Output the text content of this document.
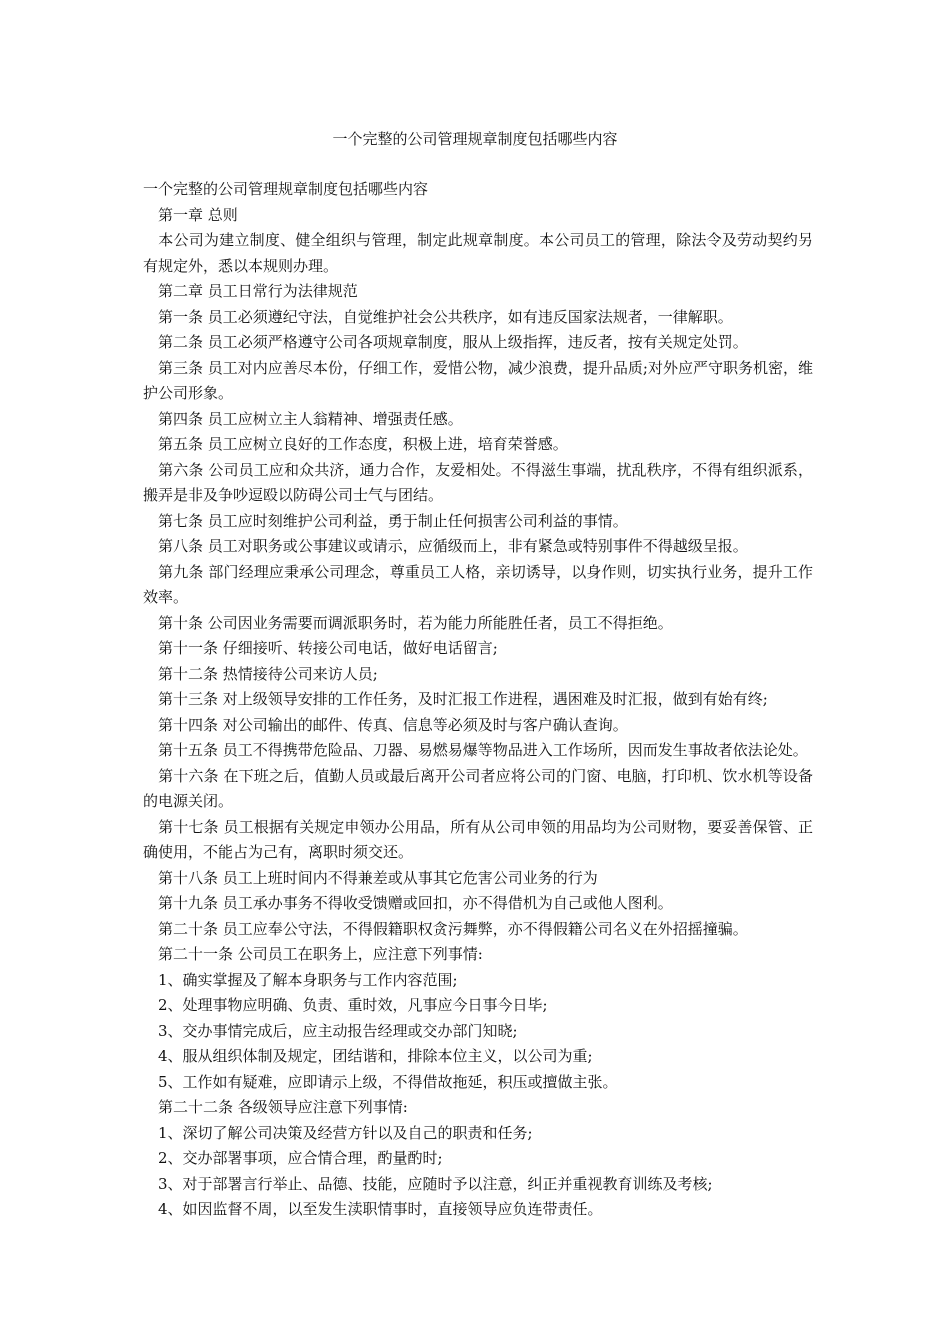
一个完整的公司管理规章制度包括哪些内容

一个完整的公司管理规章制度包括哪些内容

　第一章 总则

　本公司为建立制度、健全组织与管理，制定此规章制度。本公司员工的管理，除法令及劳动契约另有规定外，悉以本规则办理。

　第二章 员工日常行为法律规范

　第一条 员工必须遵纪守法，自觉维护社会公共秩序，如有违反国家法规者，一律解职。

　第二条 员工必须严格遵守公司各项规章制度，服从上级指挥，违反者，按有关规定处罚。

　第三条 员工对内应善尽本份，仔细工作，爱惜公物，减少浪费，提升品质;对外应严守职务机密，维护公司形象。

　第四条 员工应树立主人翁精神、增强责任感。

　第五条 员工应树立良好的工作态度，积极上进，培育荣誉感。

　第六条 公司员工应和众共济，通力合作，友爱相处。不得滋生事端，扰乱秩序，不得有组织派系，搬弄是非及争吵逗殴以防碍公司士气与团结。

　第七条 员工应时刻维护公司利益，勇于制止任何损害公司利益的事情。

　第八条 员工对职务或公事建议或请示，应循级而上，非有紧急或特别事件不得越级呈报。

　第九条 部门经理应秉承公司理念，尊重员工人格，亲切诱导，以身作则，切实执行业务，提升工作效率。

　第十条 公司因业务需要而调派职务时，若为能力所能胜任者，员工不得拒绝。

　第十一条 仔细接听、转接公司电话，做好电话留言;

　第十二条 热情接待公司来访人员;

　第十三条 对上级领导安排的工作任务，及时汇报工作进程，遇困难及时汇报，做到有始有终;

　第十四条 对公司输出的邮件、传真、信息等必须及时与客户确认查询。

　第十五条 员工不得携带危险品、刀器、易燃易爆等物品进入工作场所，因而发生事故者依法论处。

　第十六条 在下班之后，值勤人员或最后离开公司者应将公司的门窗、电脑，打印机、饮水机等设备的电源关闭。

　第十七条 员工根据有关规定申领办公用品，所有从公司申领的用品均为公司财物，要妥善保管、正确使用，不能占为己有，离职时须交还。

　第十八条 员工上班时间内不得兼差或从事其它危害公司业务的行为

　第十九条 员工承办事务不得收受馈赠或回扣，亦不得借机为自己或他人图利。

　第二十条 员工应奉公守法，不得假籍职权贪污舞弊，亦不得假籍公司名义在外招摇撞骗。

　第二十一条 公司员工在职务上，应注意下列事情:

　1、确实掌握及了解本身职务与工作内容范围;

　2、处理事物应明确、负责、重时效，凡事应今日事今日毕;

　3、交办事情完成后，应主动报告经理或交办部门知晓;

　4、服从组织体制及规定，团结谐和，排除本位主义，以公司为重;

　5、工作如有疑难，应即请示上级，不得借故拖延，积压或擅做主张。

　第二十二条 各级领导应注意下列事情:

　1、深切了解公司决策及经营方针以及自己的职责和任务;

　2、交办部署事项，应合情合理，酌量酌时;

　3、对于部署言行举止、品德、技能，应随时予以注意，纠正并重视教育训练及考核;

　4、如因监督不周，以至发生渎职情事时，直接领导应负连带责任。
